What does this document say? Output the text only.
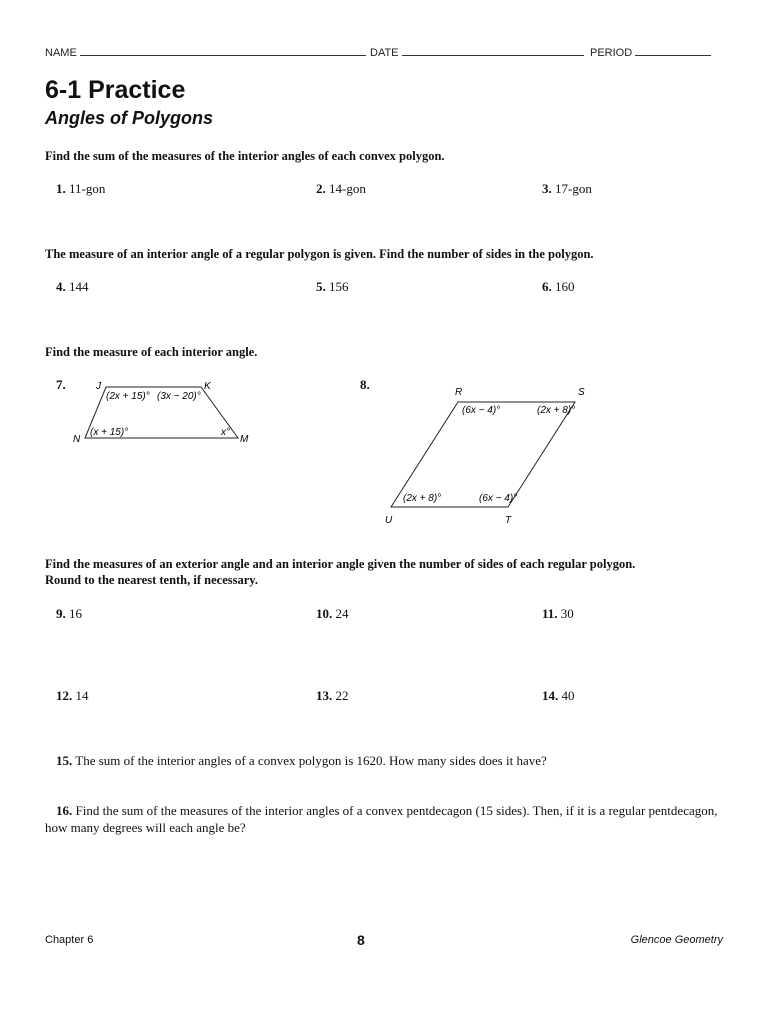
NAME	DATE	PERIOD
6-1 Practice
Angles of Polygons
Find the sum of the measures of the interior angles of each convex polygon.
1. 11-gon	2. 14-gon	3. 17-gon
The measure of an interior angle of a regular polygon is given. Find the number of sides in the polygon.
4. 144	5. 156	6. 160
Find the measure of each interior angle.
7.	J	K
N	M
(2x + 15)° (3x − 20)°
(x + 15)°	x°
8.
R	S
U	T
(6x − 4)°	(2x + 8)°
(2x + 8)°	(6x − 4)°
Find the measures of an exterior angle and an interior angle given the number of sides of each regular polygon.
Round to the nearest tenth, if necessary.
9. 16	10. 24	11. 30
12. 14	13. 22	14. 40
15. The sum of the interior angles of a convex polygon is 1620. How many sides does it have?
16. Find the sum of the measures of the interior angles of a convex pentdecagon (15 sides). Then, if it is a regular pentdecagon, how many degrees will each angle be?
Chapter 6	8	Glencoe Geometry
